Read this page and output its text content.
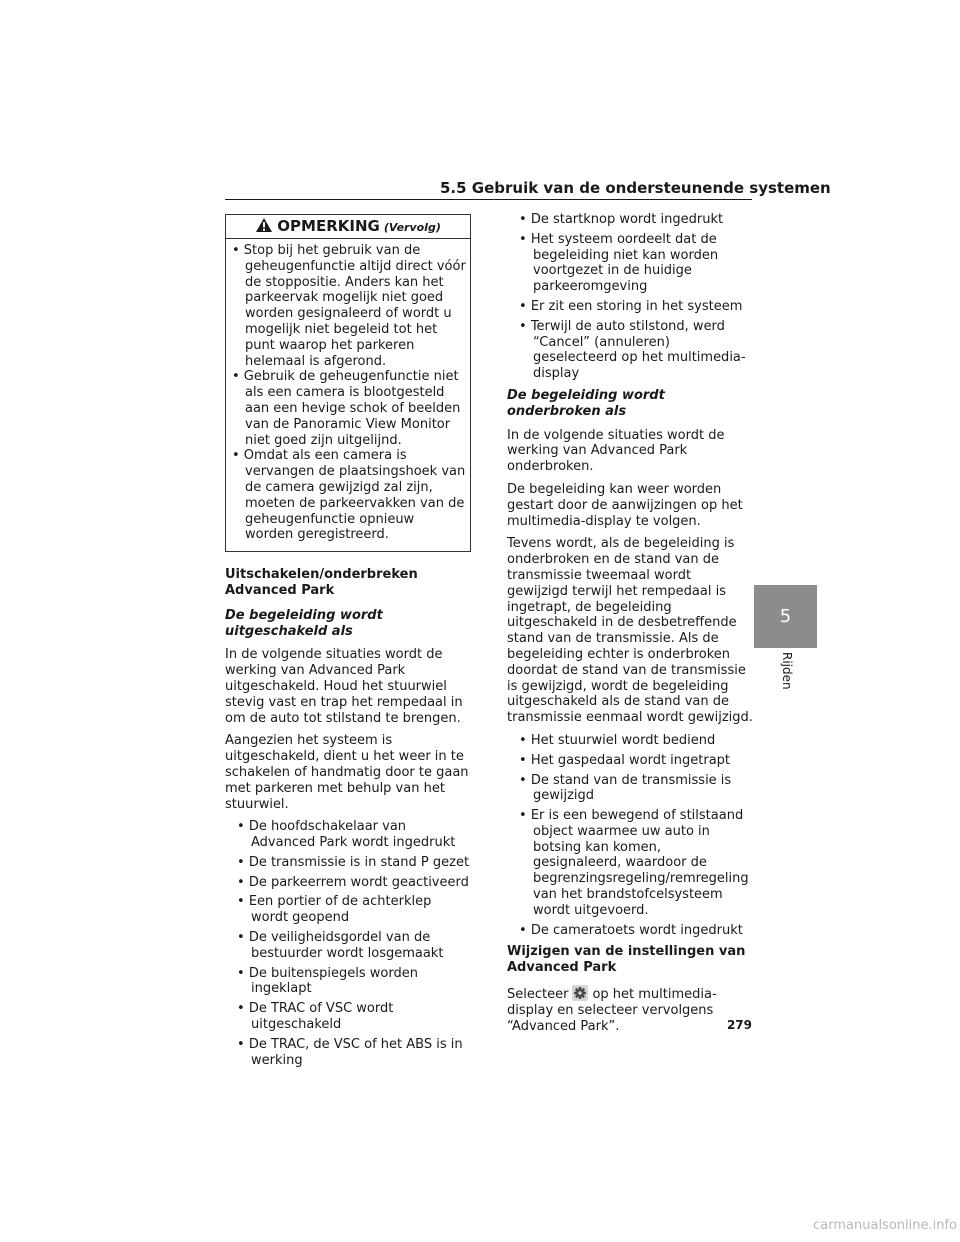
5.5 Gebruik van de ondersteunende systemen
OPMERKING (Vervolg)
• Stop bij het gebruik van de geheugenfunctie altijd direct vóór de stoppositie. Anders kan het parkeervak mogelijk niet goed worden gesignaleerd of wordt u mogelijk niet begeleid tot het punt waarop het parkeren helemaal is afgerond.
• Gebruik de geheugenfunctie niet als een camera is blootgesteld aan een hevige schok of beelden van de Panoramic View Monitor niet goed zijn uitgelijnd.
• Omdat als een camera is vervangen de plaatsingshoek van de camera gewijzigd zal zijn, moeten de parkeervakken van de geheugenfunctie opnieuw worden geregistreerd.
Uitschakelen/onderbreken Advanced Park
De begeleiding wordt uitgeschakeld als

In de volgende situaties wordt de werking van Advanced Park uitgeschakeld. Houd het stuurwiel stevig vast en trap het rempedaal in om de auto tot stilstand te brengen.

Aangezien het systeem is uitgeschakeld, dient u het weer in te schakelen of handmatig door te gaan met parkeren met behulp van het stuurwiel.

• De hoofdschakelaar van Advanced Park wordt ingedrukt
• De transmissie is in stand P gezet
• De parkeerrem wordt geactiveerd
• Een portier of de achterklep wordt geopend
• De veiligheidsgordel van de bestuurder wordt losgemaakt
• De buitenspiegels worden ingeklapt
• De TRAC of VSC wordt uitgeschakeld
• De TRAC, de VSC of het ABS is in werking
• De startknop wordt ingedrukt
• Het systeem oordeelt dat de begeleiding niet kan worden voortgezet in de huidige parkeeromgeving
• Er zit een storing in het systeem
• Terwijl de auto stilstond, werd “Cancel” (annuleren) geselecteerd op het multimedia-display
De begeleiding wordt onderbroken als

In de volgende situaties wordt de werking van Advanced Park onderbroken.

De begeleiding kan weer worden gestart door de aanwijzingen op het multimedia-display te volgen.

Tevens wordt, als de begeleiding is onderbroken en de stand van de transmissie tweemaal wordt gewijzigd terwijl het rempedaal is ingetrapt, de begeleiding uitgeschakeld in de desbetreffende stand van de transmissie. Als de begeleiding echter is onderbroken doordat de stand van de transmissie is gewijzigd, wordt de begeleiding uitgeschakeld als de stand van de transmissie eenmaal wordt gewijzigd.

• Het stuurwiel wordt bediend
• Het gaspedaal wordt ingetrapt
• De stand van de transmissie is gewijzigd
• Er is een bewegend of stilstaand object waarmee uw auto in botsing kan komen, gesignaleerd, waardoor de begrenzingsregeling/remregeling van het brandstofcelsysteem wordt uitgevoerd.
• De cameratoets wordt ingedrukt
Wijzigen van de instellingen van Advanced Park

Selecteer op het multimedia-display en selecteer vervolgens “Advanced Park”.

5
Rijden
279
carmanualsonline.info
